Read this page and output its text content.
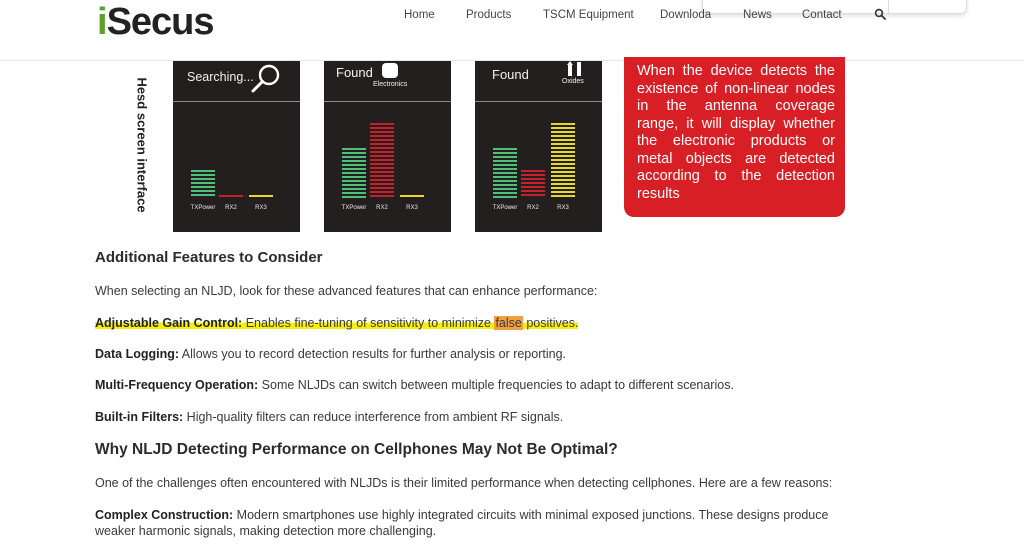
iSecus	Home	Products	TSCM Equipment Downloda	News	Contact
Hesd screen interface
Searching...
TXPower RX2	RX3
Found
Electronics
TXPower RX2	RX3
Found	Oxides
TXPower RX2	RX3
When the device detects the existence of non-linear nodes in the antenna coverage range, it will display whether the electronic products or metal objects are detected according to the detection results
Additional Features to Consider
When selecting an NLJD, look for these advanced features that can enhance performance:
Adjustable Gain Control: Enables fine-tuning of sensitivity to minimize false positives.
Data Logging: Allows you to record detection results for further analysis or reporting.
Multi-Frequency Operation: Some NLJDs can switch between multiple frequencies to adapt to different scenarios.
Built-in Filters: High-quality filters can reduce interference from ambient RF signals.
Why NLJD Detecting Performance on Cellphones May Not Be Optimal?
One of the challenges often encountered with NLJDs is their limited performance when detecting cellphones. Here are a few reasons:
Complex Construction: Modern smartphones use highly integrated circuits with minimal exposed junctions. These designs produce weaker harmonic signals, making detection more challenging.
